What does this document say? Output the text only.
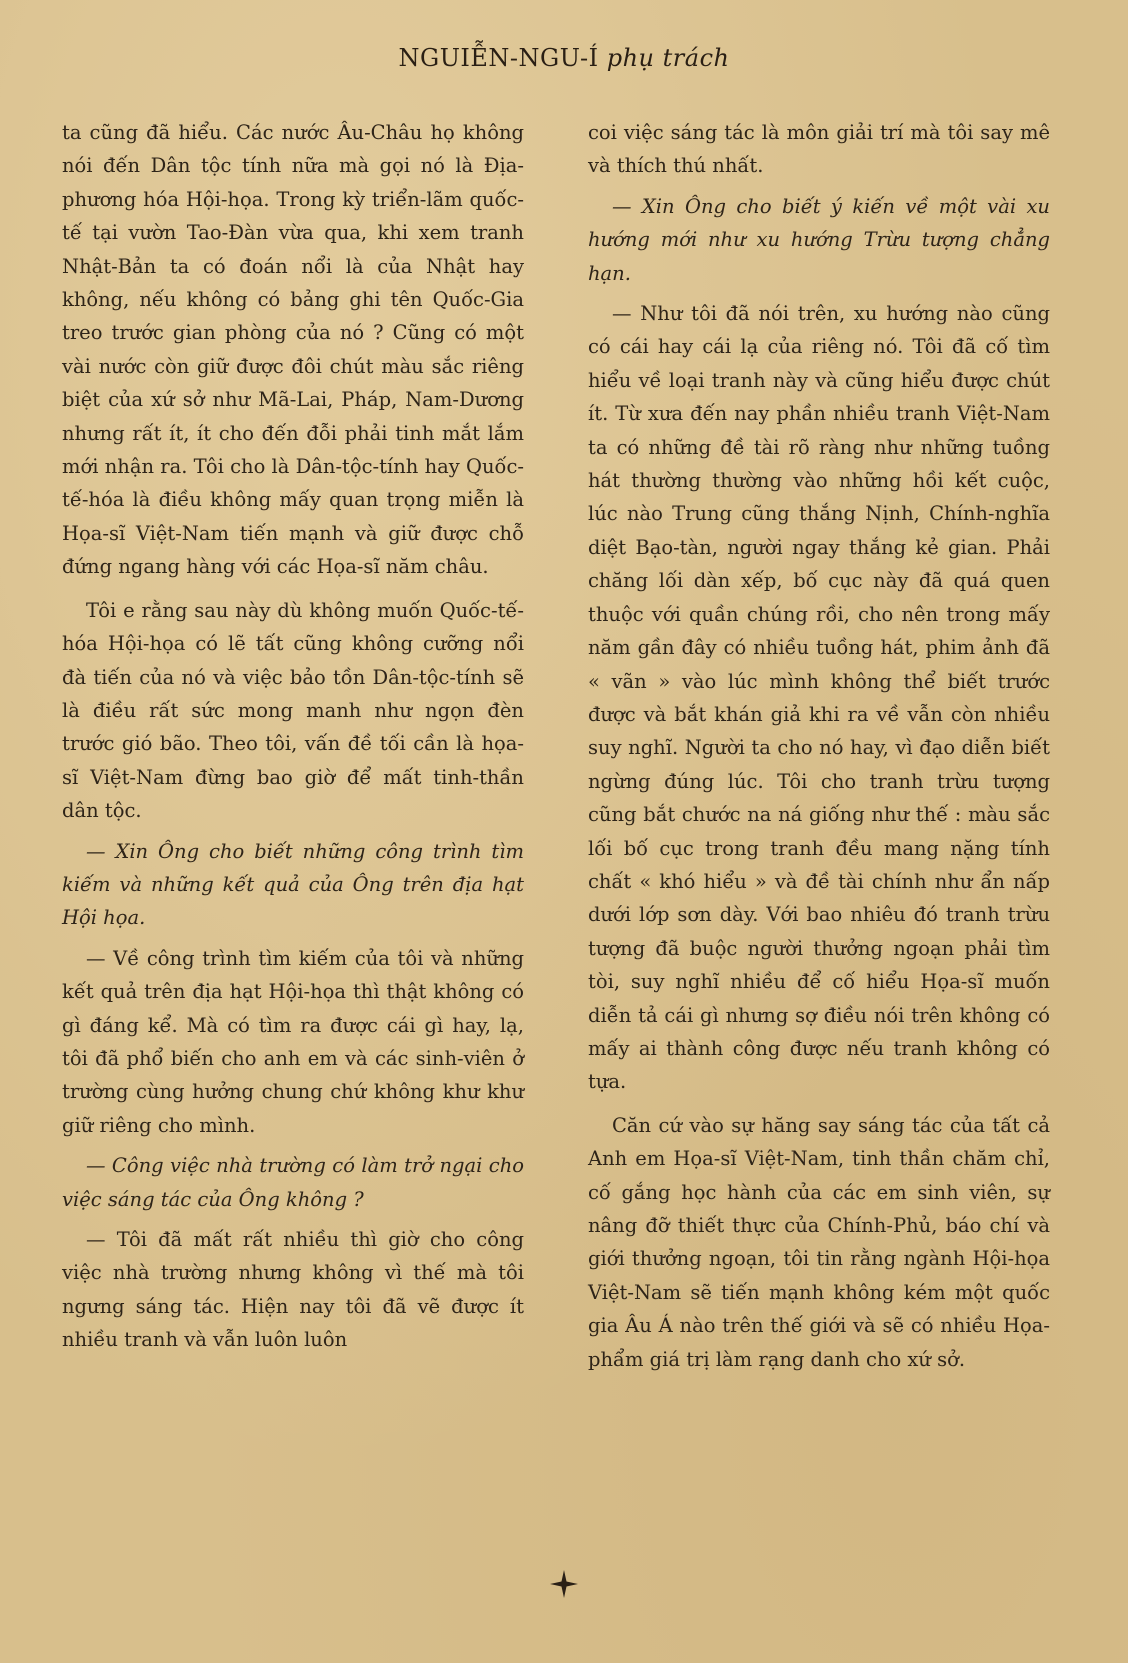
NGUIỄN-NGU-Í phụ trách

ta cũng đã hiểu. Các nước Âu-Châu họ không nói đến Dân tộc tính nữa mà gọi nó là Địa-phương hóa Hội-họa. Trong kỳ triển-lãm quốc-tế tại vườn Tao-Đàn vừa qua, khi xem tranh Nhật-Bản ta có đoán nổi là của Nhật hay không, nếu không có bảng ghi tên Quốc-Gia treo trước gian phòng của nó ? Cũng có một vài nước còn giữ được đôi chút màu sắc riêng biệt của xứ sở như Mã-Lai, Pháp, Nam-Dương nhưng rất ít, ít cho đến đỗi phải tinh mắt lắm mới nhận ra. Tôi cho là Dân-tộc-tính hay Quốc-tế-hóa là điều không mấy quan trọng miễn là Họa-sĩ Việt-Nam tiến mạnh và giữ được chỗ đứng ngang hàng với các Họa-sĩ năm châu.

Tôi e rằng sau này dù không muốn Quốc-tế-hóa Hội-họa có lẽ tất cũng không cưỡng nổi đà tiến của nó và việc bảo tồn Dân-tộc-tính sẽ là điều rất sức mong manh như ngọn đèn trước gió bão. Theo tôi, vấn đề tối cần là họa-sĩ Việt-Nam đừng bao giờ để mất tinh-thần dân tộc.

— Xin Ông cho biết những công trình tìm kiếm và những kết quả của Ông trên địa hạt Hội họa.

— Về công trình tìm kiếm của tôi và những kết quả trên địa hạt Hội-họa thì thật không có gì đáng kể. Mà có tìm ra được cái gì hay, lạ, tôi đã phổ biến cho anh em và các sinh-viên ở trường cùng hưởng chung chứ không khư khư giữ riêng cho mình.

— Công việc nhà trường có làm trở ngại cho việc sáng tác của Ông không ?

— Tôi đã mất rất nhiều thì giờ cho công việc nhà trường nhưng không vì thế mà tôi ngưng sáng tác. Hiện nay tôi đã vẽ được ít nhiều tranh và vẫn luôn luôn

coi việc sáng tác là môn giải trí mà tôi say mê và thích thú nhất.

— Xin Ông cho biết ý kiến về một vài xu hướng mới như xu hướng Trừu tượng chẳng hạn.

— Như tôi đã nói trên, xu hướng nào cũng có cái hay cái lạ của riêng nó. Tôi đã cố tìm hiểu về loại tranh này và cũng hiểu được chút ít. Từ xưa đến nay phần nhiều tranh Việt-Nam ta có những đề tài rõ ràng như những tuồng hát thường thường vào những hồi kết cuộc, lúc nào Trung cũng thắng Nịnh, Chính-nghĩa diệt Bạo-tàn, người ngay thắng kẻ gian. Phải chăng lối dàn xếp, bố cục này đã quá quen thuộc với quần chúng rồi, cho nên trong mấy năm gần đây có nhiều tuồng hát, phim ảnh đã « vãn » vào lúc mình không thể biết trước được và bắt khán giả khi ra về vẫn còn nhiều suy nghĩ. Người ta cho nó hay, vì đạo diễn biết ngừng đúng lúc. Tôi cho tranh trừu tượng cũng bắt chước na ná giống như thế : màu sắc lối bố cục trong tranh đều mang nặng tính chất « khó hiểu » và đề tài chính như ẩn nấp dưới lớp sơn dày. Với bao nhiêu đó tranh trừu tượng đã buộc người thưởng ngoạn phải tìm tòi, suy nghĩ nhiều để cố hiểu Họa-sĩ muốn diễn tả cái gì nhưng sợ điều nói trên không có mấy ai thành công được nếu tranh không có tựa.

Căn cứ vào sự hăng say sáng tác của tất cả Anh em Họa-sĩ Việt-Nam, tinh thần chăm chỉ, cố gắng học hành của các em sinh viên, sự nâng đỡ thiết thực của Chính-Phủ, báo chí và giới thưởng ngoạn, tôi tin rằng ngành Hội-họa Việt-Nam sẽ tiến mạnh không kém một quốc gia Âu Á nào trên thế giới và sẽ có nhiều Họa-phẩm giá trị làm rạng danh cho xứ sở.
